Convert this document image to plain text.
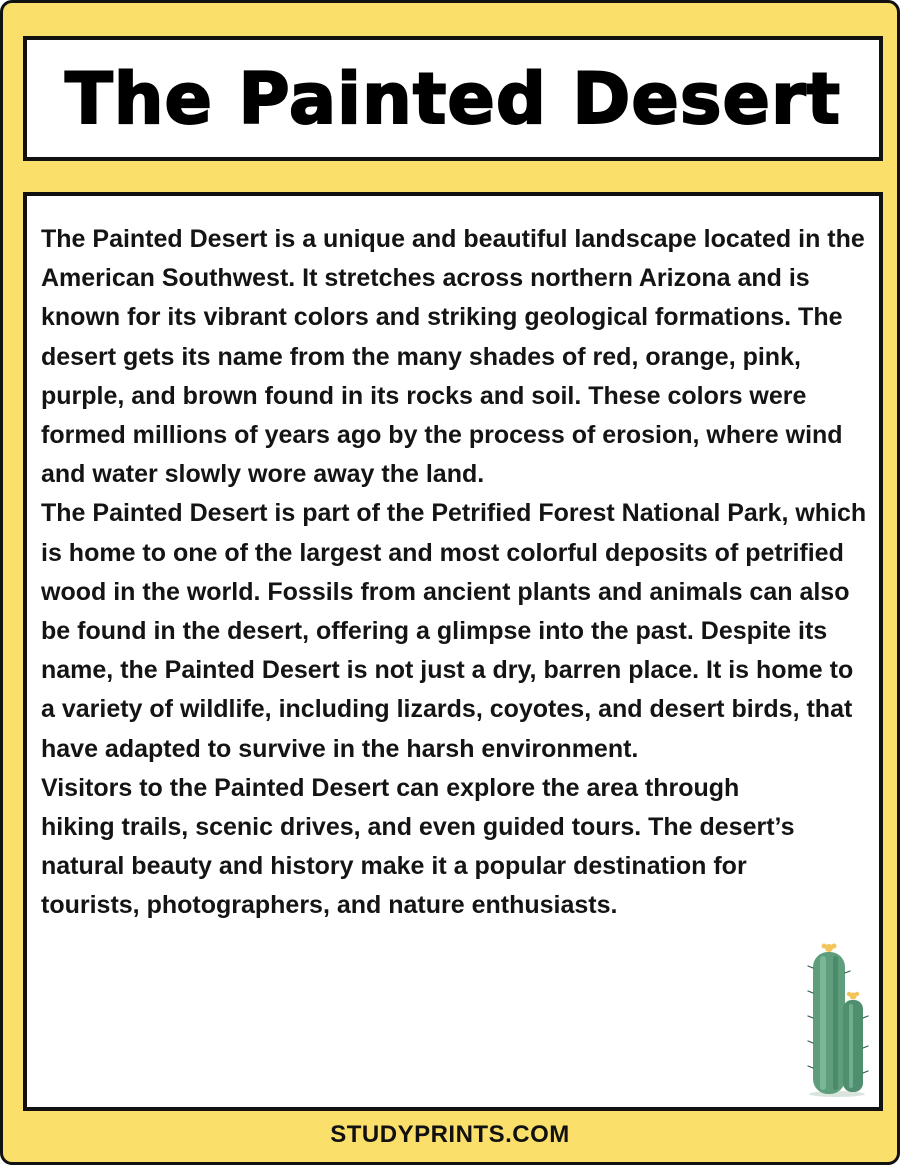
The Painted Desert

The Painted Desert is a unique and beautiful landscape located in the American Southwest. It stretches across northern Arizona and is known for its vibrant colors and striking geological formations. The desert gets its name from the many shades of red, orange, pink, purple, and brown found in its rocks and soil. These colors were formed millions of years ago by the process of erosion, where wind and water slowly wore away the land.

The Painted Desert is part of the Petrified Forest National Park, which is home to one of the largest and most colorful deposits of petrified wood in the world. Fossils from ancient plants and animals can also be found in the desert, offering a glimpse into the past. Despite its name, the Painted Desert is not just a dry, barren place. It is home to a variety of wildlife, including lizards, coyotes, and desert birds, that have adapted to survive in the harsh environment.

Visitors to the Painted Desert can explore the area through hiking trails, scenic drives, and even guided tours. The desert’s natural beauty and history make it a popular destination for tourists, photographers, and nature enthusiasts.

STUDYPRINTS.COM
